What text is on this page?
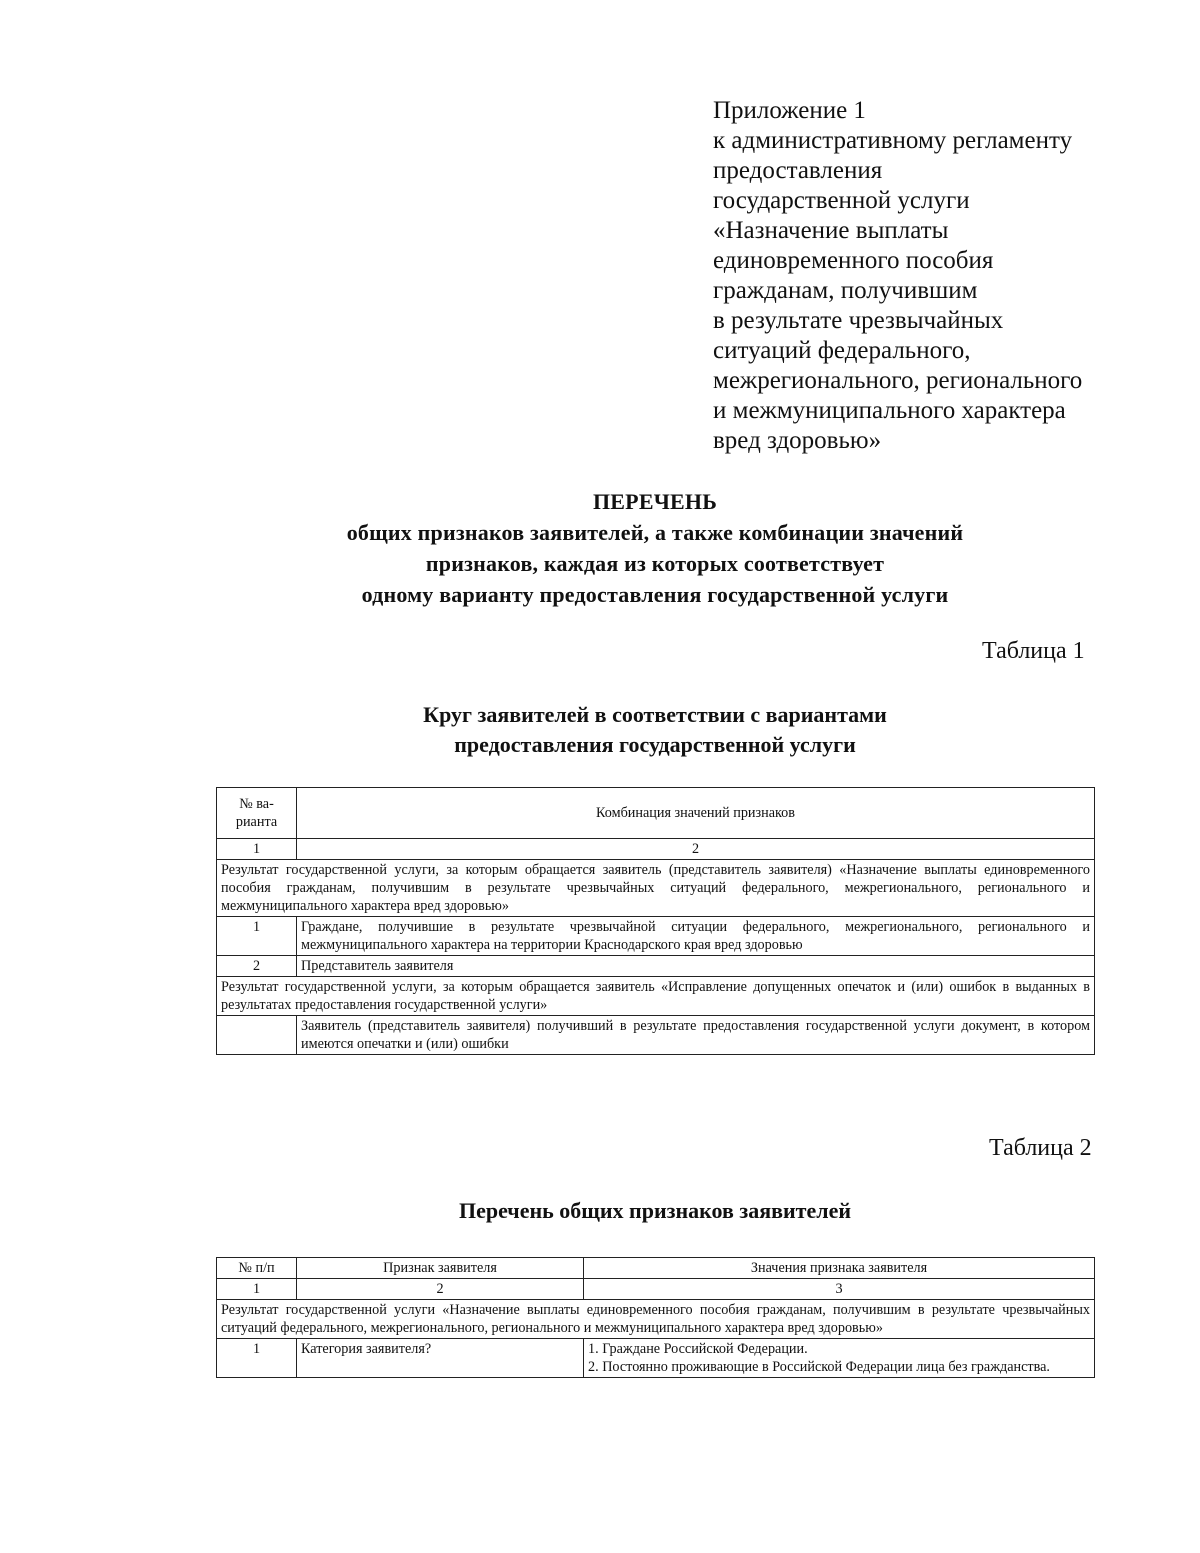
Приложение 1
к административному регламенту
предоставления
государственной услуги
«Назначение выплаты
единовременного пособия
гражданам, получившим
в результате чрезвычайных
ситуаций федерального,
межрегионального, регионального
и межмуниципального характера
вред здоровью»
ПЕРЕЧЕНЬ
общих признаков заявителей, а также комбинации значений
признаков, каждая из которых соответствует
одному варианту предоставления государственной услуги
Таблица 1
Круг заявителей в соответствии с вариантами
предоставления государственной услуги
№ ва-
рианта	Комбинация значений признаков
1	2
Результат государственной услуги, за которым обращается заявитель (представитель заявителя) «Назначение выплаты единовременного пособия гражданам, получившим в результате чрезвычайных ситуаций федерального, межрегионального, регионального и межмуниципального характера вред здоровью»	
1	Граждане, получившие в результате чрезвычайной ситуации федерального, межрегионального, регионального и межмуниципального характера на территории Краснодарского края вред здоровью
2	Представитель заявителя
Результат государственной услуги, за которым обращается заявитель «Исправление допущенных опечаток и (или) ошибок в выданных в результатах предоставления государственной услуги»	
	Заявитель (представитель заявителя) получивший в результате предоставления государственной услуги документ, в котором имеются опечатки и (или) ошибки
Таблица 2
Перечень общих признаков заявителей
№ п/п	Признак заявителя	Значения признака заявителя
1	2	3
Результат государственной услуги «Назначение выплаты единовременного пособия гражданам, получившим в результате чрезвычайных ситуаций федерального, межрегионального, регионального и межмуниципального характера вред здоровью»		
1	Категория заявителя?	1. Граждане Российской Федерации.
2. Постоянно проживающие в Российской Федерации лица без гражданства.
